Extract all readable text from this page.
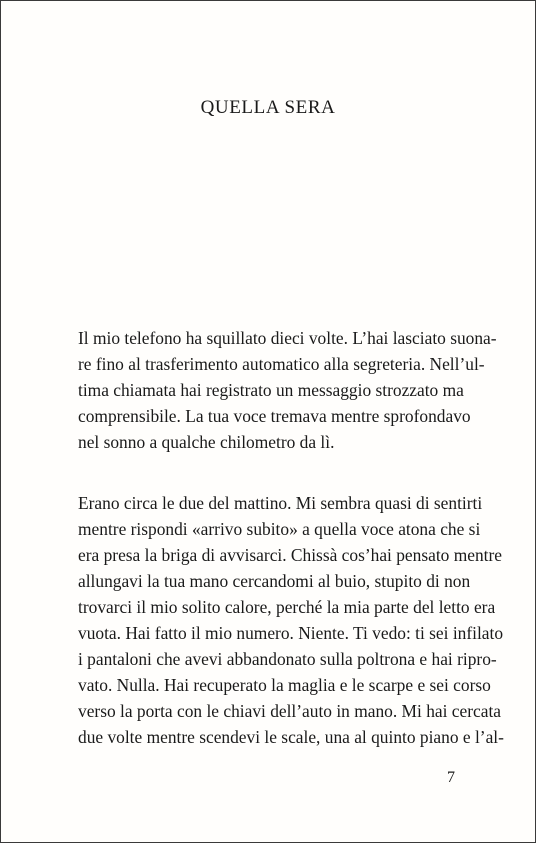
QUELLA SERA
Il mio telefono ha squillato dieci volte. L’hai lasciato suona-
re fino al trasferimento automatico alla segreteria. Nell’ul-
tima chiamata hai registrato un messaggio strozzato ma
comprensibile. La tua voce tremava mentre sprofondavo
nel sonno a qualche chilometro da lì.
Erano circa le due del mattino. Mi sembra quasi di sentirti
mentre rispondi «arrivo subito» a quella voce atona che si
era presa la briga di avvisarci. Chissà cos’hai pensato mentre
allungavi la tua mano cercandomi al buio, stupito di non
trovarci il mio solito calore, perché la mia parte del letto era
vuota. Hai fatto il mio numero. Niente. Ti vedo: ti sei infilato
i pantaloni che avevi abbandonato sulla poltrona e hai ripro-
vato. Nulla. Hai recuperato la maglia e le scarpe e sei corso
verso la porta con le chiavi dell’auto in mano. Mi hai cercata
due volte mentre scendevi le scale, una al quinto piano e l’al-
7
